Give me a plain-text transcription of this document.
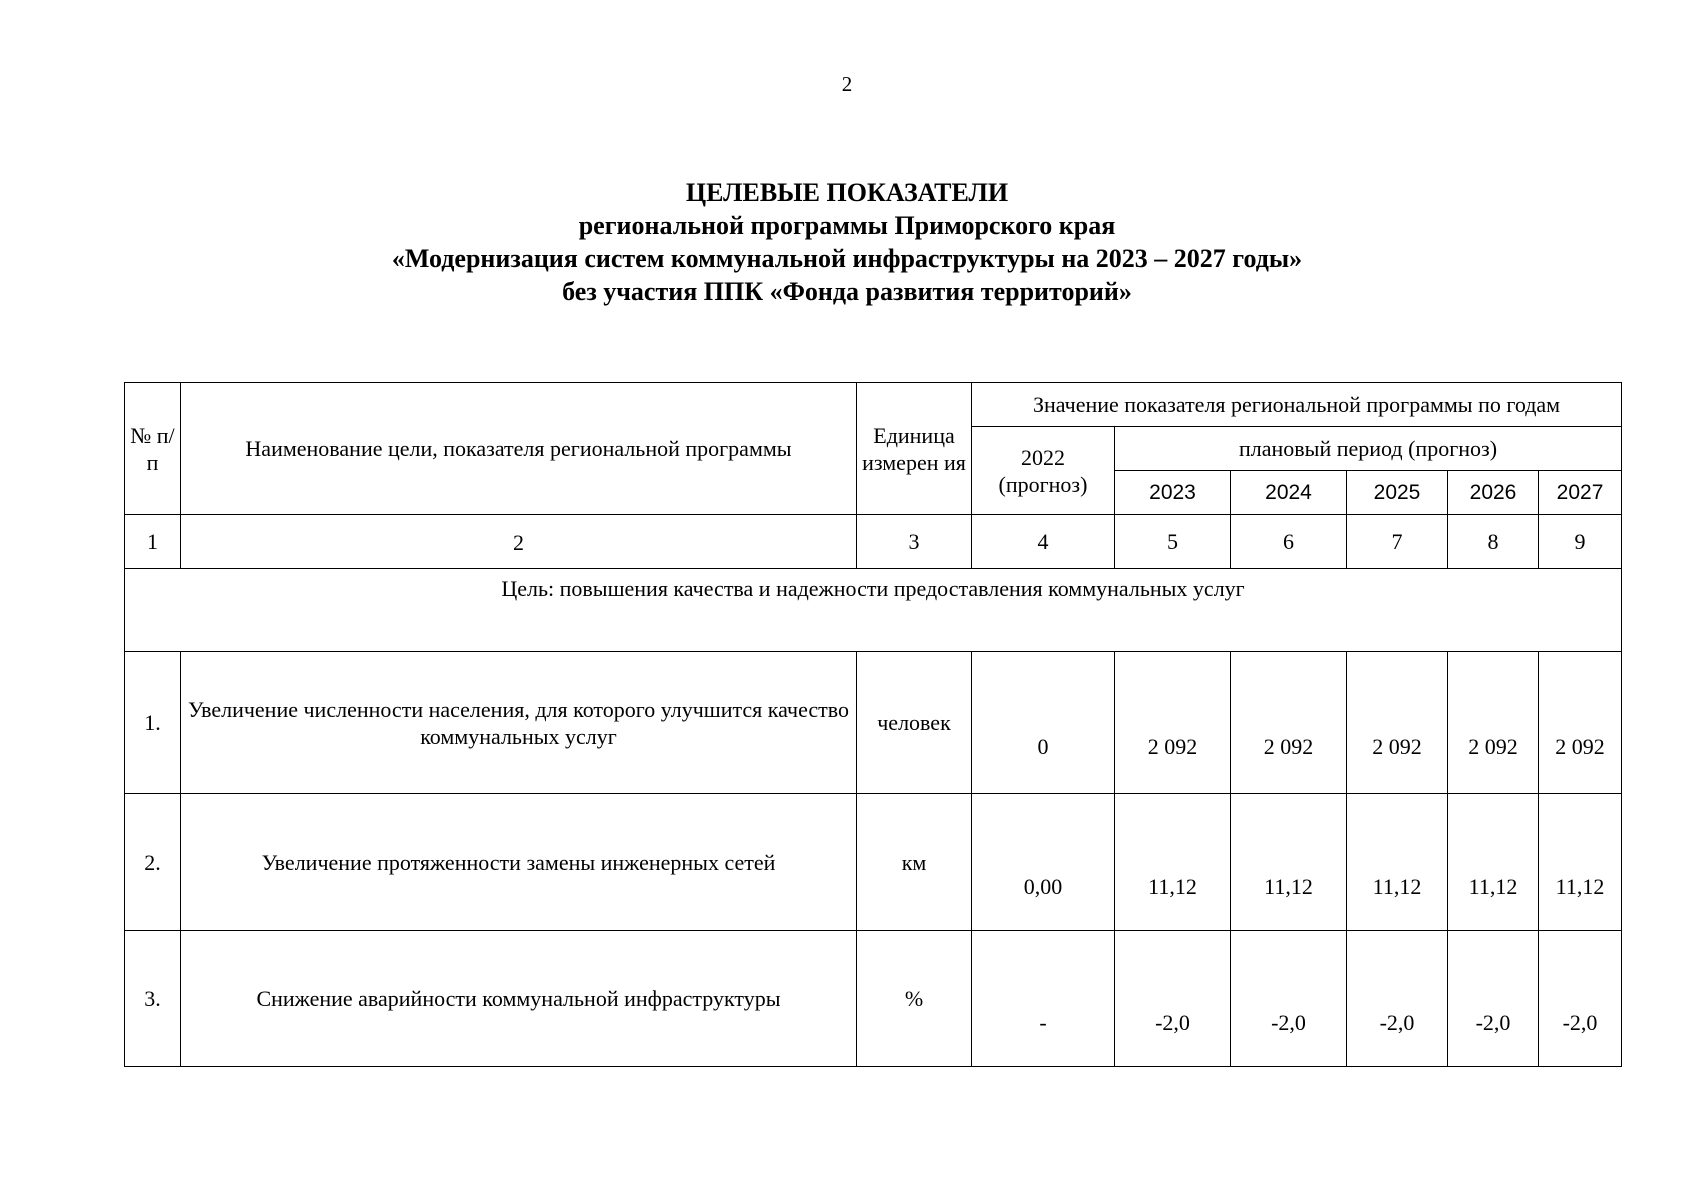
2
ЦЕЛЕВЫЕ ПОКАЗАТЕЛИ
региональной программы Приморского края
«Модернизация систем коммунальной инфраструктуры на 2023 – 2027 годы»
без участия ППК «Фонда развития территорий»
№ п/п	Наименование цели, показателя региональной программы	Единица измерен ия	Значение показателя региональной программы по годам					
			2022 (прогноз)	плановый период (прогноз)				
				2023	2024	2025	2026	2027
1	2	3	4	5	6	7	8	9
Цель: повышения качества и надежности предоставления коммунальных услуг								
1.	Увеличение численности населения, для которого улучшится качество коммунальных услуг	человек	0	2 092	2 092	2 092	2 092	2 092
2.	Увеличение протяженности замены инженерных сетей	км	0,00	11,12	11,12	11,12	11,12	11,12
3.	Снижение аварийности коммунальной инфраструктуры	%	-	-2,0	-2,0	-2,0	-2,0	-2,0
